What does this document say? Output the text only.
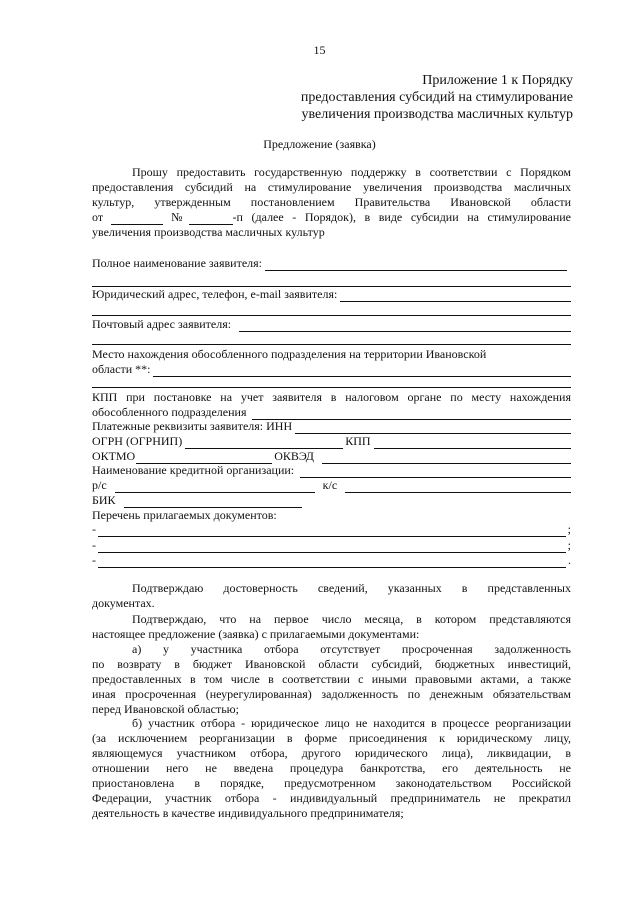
15
Приложение 1 к Порядку
предоставления субсидий на стимулирование
увеличения производства масличных культур
Предложение (заявка)
Прошу предоставить государственную поддержку в соответствии с Порядком
предоставления субсидий на стимулирование увеличения производства масличных
культур, утвержденным постановлением Правительства Ивановской области
от	№	-п (далее - Порядок), в виде субсидии на стимулирование
увеличения производства масличных культур
Полное наименование заявителя:
Юридический адрес, телефон, e-mail заявителя:
Почтовый адрес заявителя:
Место нахождения обособленного подразделения на территории Ивановской
области **:
КПП при постановке на учет заявителя в налоговом органе по месту нахождения
обособленного подразделения
Платежные реквизиты заявителя: ИНН
ОГРН (ОГРНИП)	КПП
ОКТМО	ОКВЭД
Наименование кредитной организации:
р/с	к/с
БИК
Перечень прилагаемых документов:
-	;
-	;
-	.
Подтверждаю достоверность сведений, указанных в представленных
документах.
Подтверждаю, что на первое число месяца, в котором представляются
настоящее предложение (заявка) с прилагаемыми документами:
а) у участника отбора отсутствует просроченная задолженность
по возврату в бюджет Ивановской области субсидий, бюджетных инвестиций,
предоставленных в том числе в соответствии с иными правовыми актами, а также
иная просроченная (неурегулированная) задолженность по денежным обязательствам
перед Ивановской областью;
б) участник отбора - юридическое лицо не находится в процессе реорганизации
(за исключением реорганизации в форме присоединения к юридическому лицу,
являющемуся участником отбора, другого юридического лица), ликвидации, в
отношении него не введена процедура банкротства, его деятельность не
приостановлена в порядке, предусмотренном законодательством Российской
Федерации, участник отбора - индивидуальный предприниматель не прекратил
деятельность в качестве индивидуального предпринимателя;
